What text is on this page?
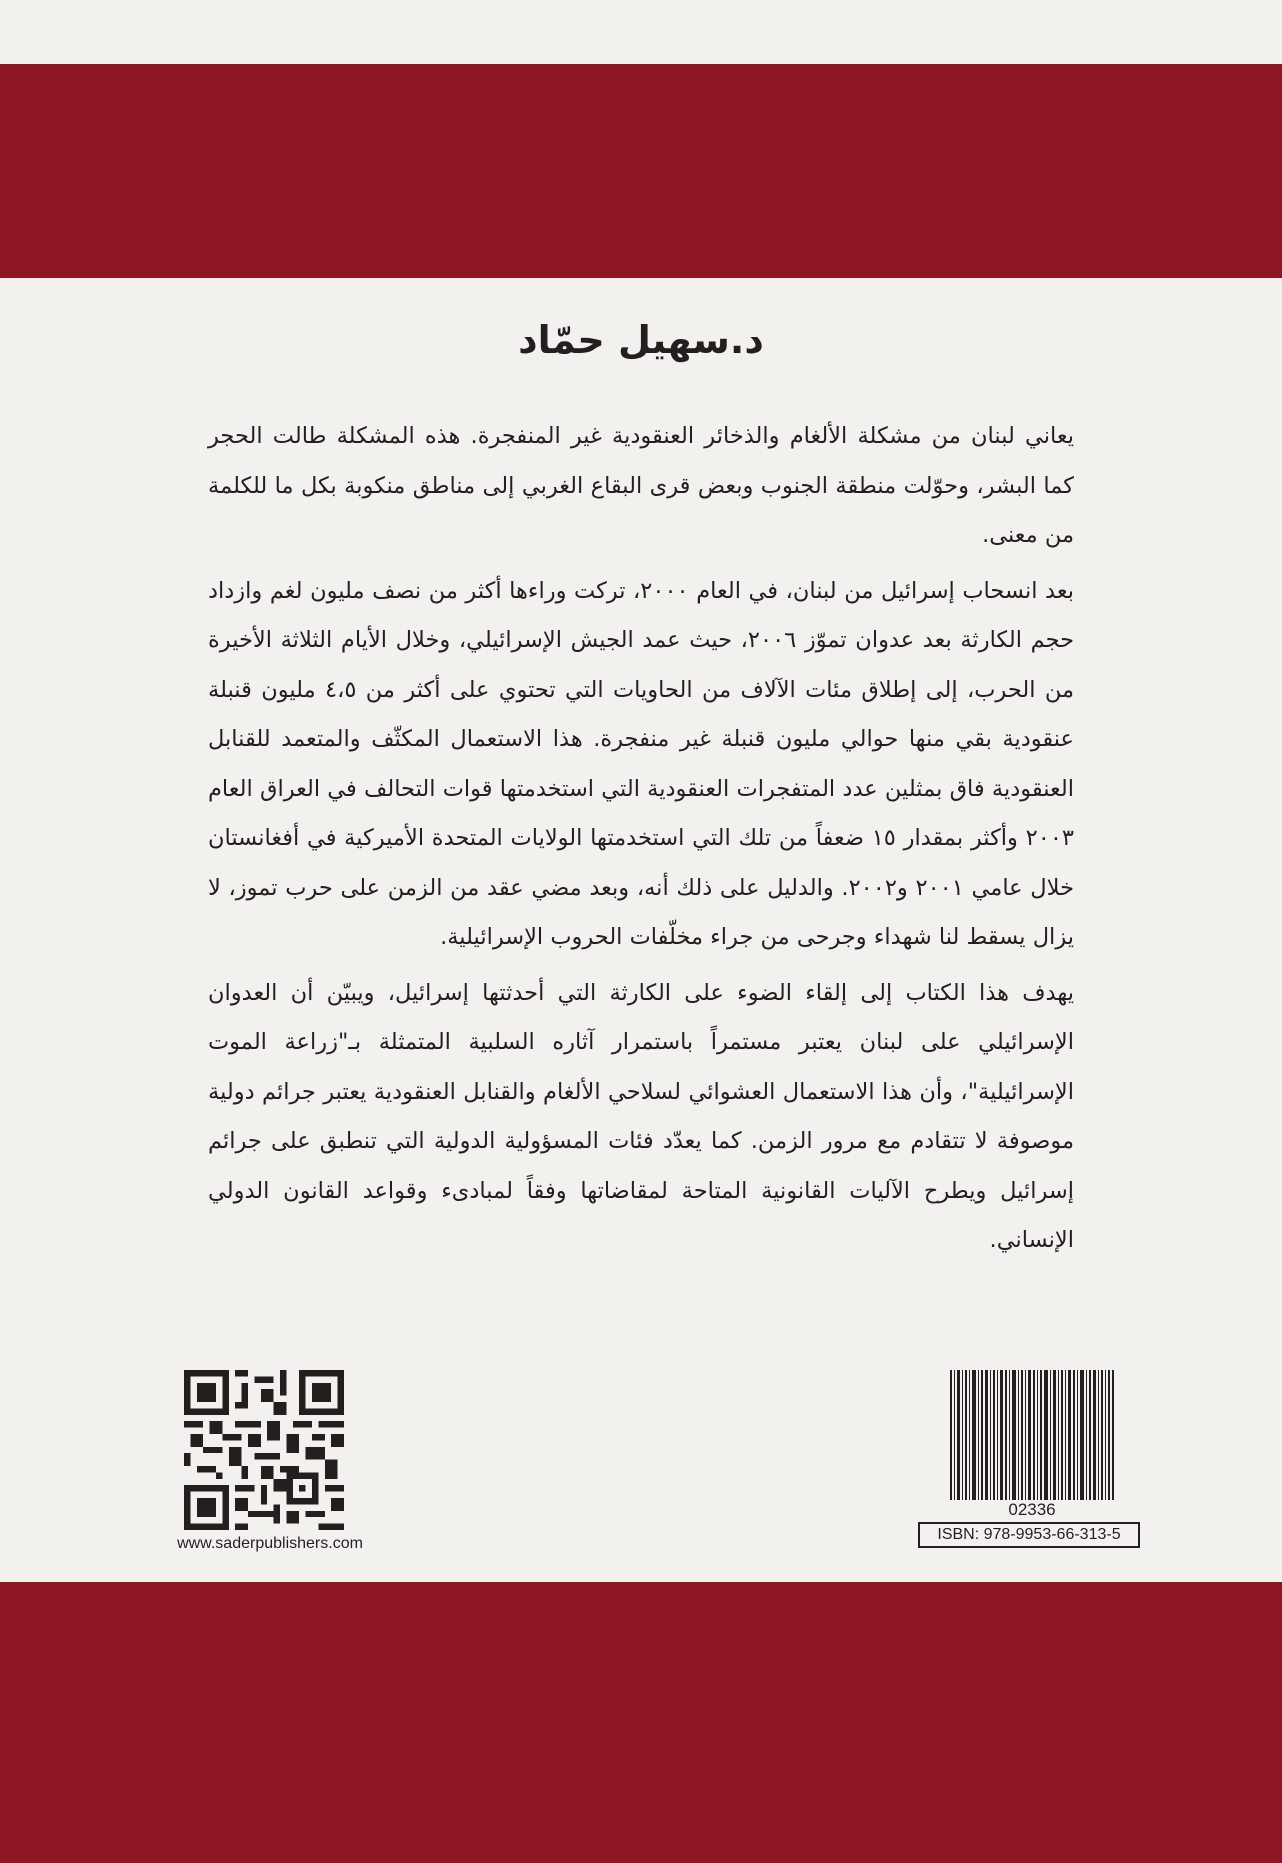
د.سهيل حمّاد

يعاني لبنان من مشكلة الألغام والذخائر العنقودية غير المنفجرة. هذه المشكلة طالت الحجر كما البشر، وحوّلت منطقة الجنوب وبعض قرى البقاع الغربي إلى مناطق منكوبة بكل ما للكلمة من معنى.

بعد انسحاب إسرائيل من لبنان، في العام ٢٠٠٠، تركت وراءها أكثر من نصف مليون لغم وازداد حجم الكارثة بعد عدوان تموّز ٢٠٠٦، حيث عمد الجيش الإسرائيلي، وخلال الأيام الثلاثة الأخيرة من الحرب، إلى إطلاق مئات الآلاف من الحاويات التي تحتوي على أكثر من ٤،٥ مليون قنبلة عنقودية بقي منها حوالي مليون قنبلة غير منفجرة. هذا الاستعمال المكثّف والمتعمد للقنابل العنقودية فاق بمثلين عدد المتفجرات العنقودية التي استخدمتها قوات التحالف في العراق العام ٢٠٠٣ وأكثر بمقدار ١٥ ضعفاً من تلك التي استخدمتها الولايات المتحدة الأميركية في أفغانستان خلال عامي ٢٠٠١ و٢٠٠٢. والدليل على ذلك أنه، وبعد مضي عقد من الزمن على حرب تموز، لا يزال يسقط لنا شهداء وجرحى من جراء مخلّفات الحروب الإسرائيلية.

يهدف هذا الكتاب إلى إلقاء الضوء على الكارثة التي أحدثتها إسرائيل، ويبيّن أن العدوان الإسرائيلي على لبنان يعتبر مستمراً باستمرار آثاره السلبية المتمثلة بـ"زراعة الموت الإسرائيلية"، وأن هذا الاستعمال العشوائي لسلاحي الألغام والقنابل العنقودية يعتبر جرائم دولية موصوفة لا تتقادم مع مرور الزمن. كما يعدّد فئات المسؤولية الدولية التي تنطبق على جرائم إسرائيل ويطرح الآليات القانونية المتاحة لمقاضاتها وفقاً لمبادىء وقواعد القانون الدولي الإنساني.

www.saderpublishers.com
02336
ISBN: 978-9953-66-313-5
